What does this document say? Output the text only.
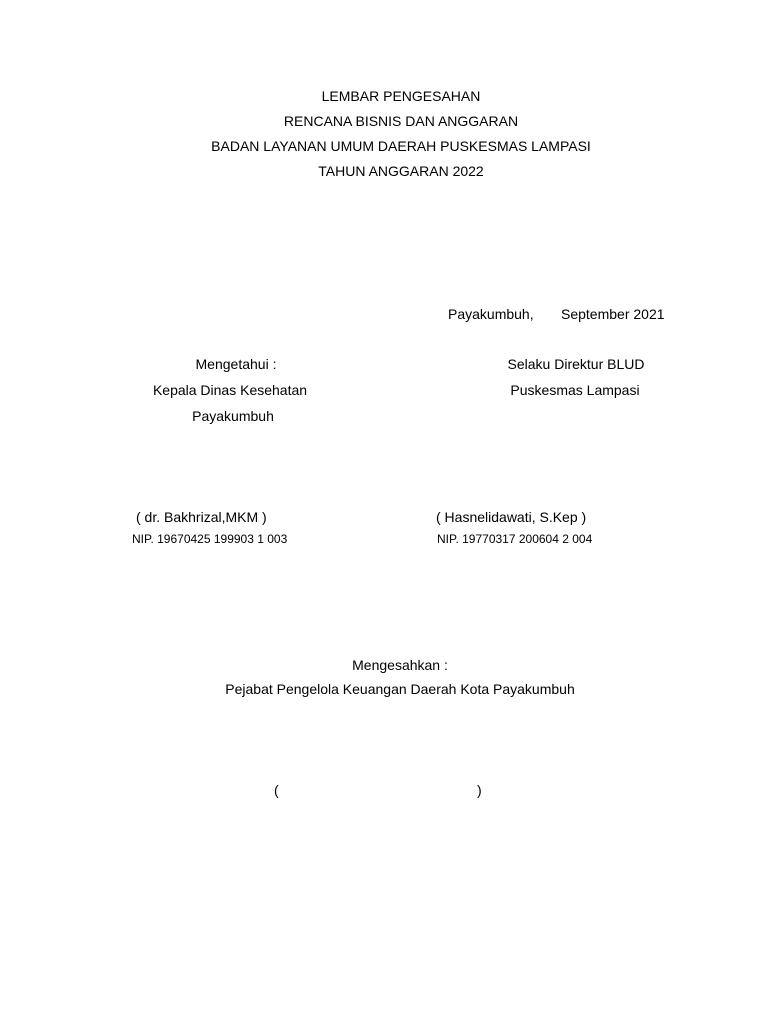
LEMBAR PENGESAHAN
RENCANA BISNIS DAN ANGGARAN
BADAN LAYANAN UMUM DAERAH PUSKESMAS LAMPASI
TAHUN ANGGARAN 2022
Payakumbuh, September 2021
Mengetahui :
Kepala Dinas Kesehatan
Payakumbuh
( dr. Bakhrizal,MKM )
NIP. 19670425 199903 1 003
Selaku Direktur BLUD
Puskesmas Lampasi
( Hasnelidawati, S.Kep )
NIP. 19770317 200604 2 004
Mengesahkan :
Pejabat Pengelola Keuangan Daerah Kota Payakumbuh
(	)
